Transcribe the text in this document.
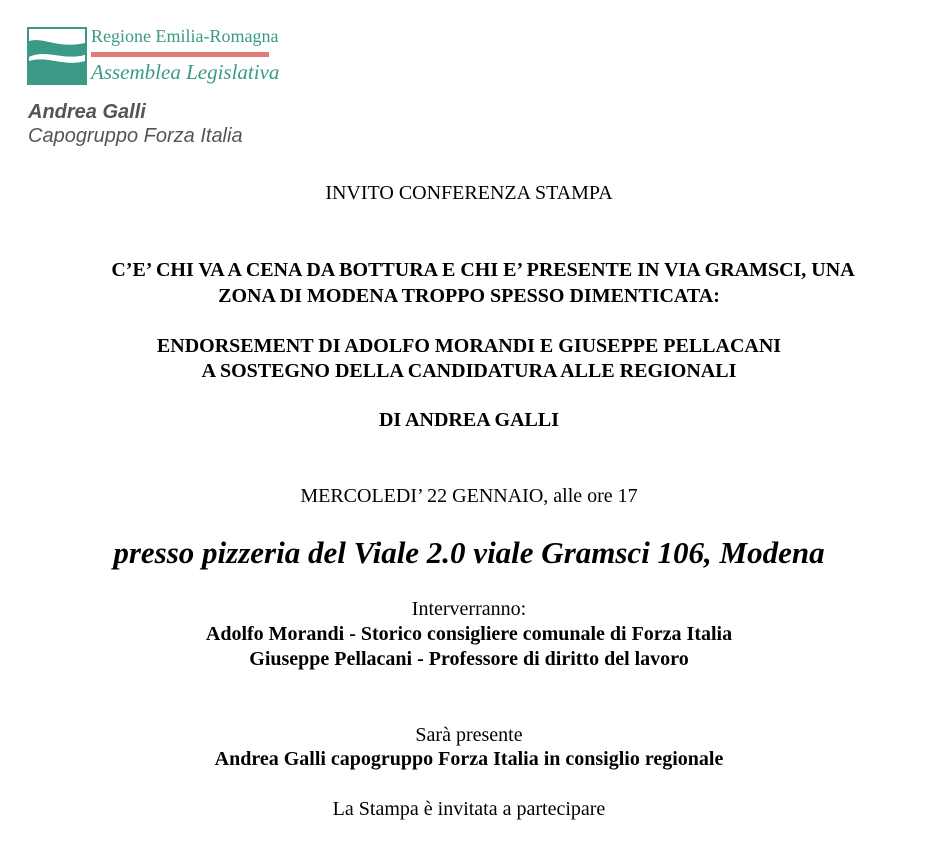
Regione Emilia-Romagna
Assemblea Legislativa
Andrea Galli
Capogruppo Forza Italia
INVITO CONFERENZA STAMPA
C’E’ CHI VA A CENA DA BOTTURA E CHI E’ PRESENTE IN VIA GRAMSCI, UNA
ZONA DI MODENA TROPPO SPESSO DIMENTICATA:
ENDORSEMENT DI ADOLFO MORANDI E GIUSEPPE PELLACANI
A SOSTEGNO DELLA CANDIDATURA ALLE REGIONALI
DI ANDREA GALLI
MERCOLEDI’ 22 GENNAIO, alle ore 17
presso pizzeria del Viale 2.0 viale Gramsci 106, Modena
Interverranno:
Adolfo Morandi - Storico consigliere comunale di Forza Italia
Giuseppe Pellacani - Professore di diritto del lavoro
Sarà presente
Andrea Galli capogruppo Forza Italia in consiglio regionale
La Stampa è invitata a partecipare
